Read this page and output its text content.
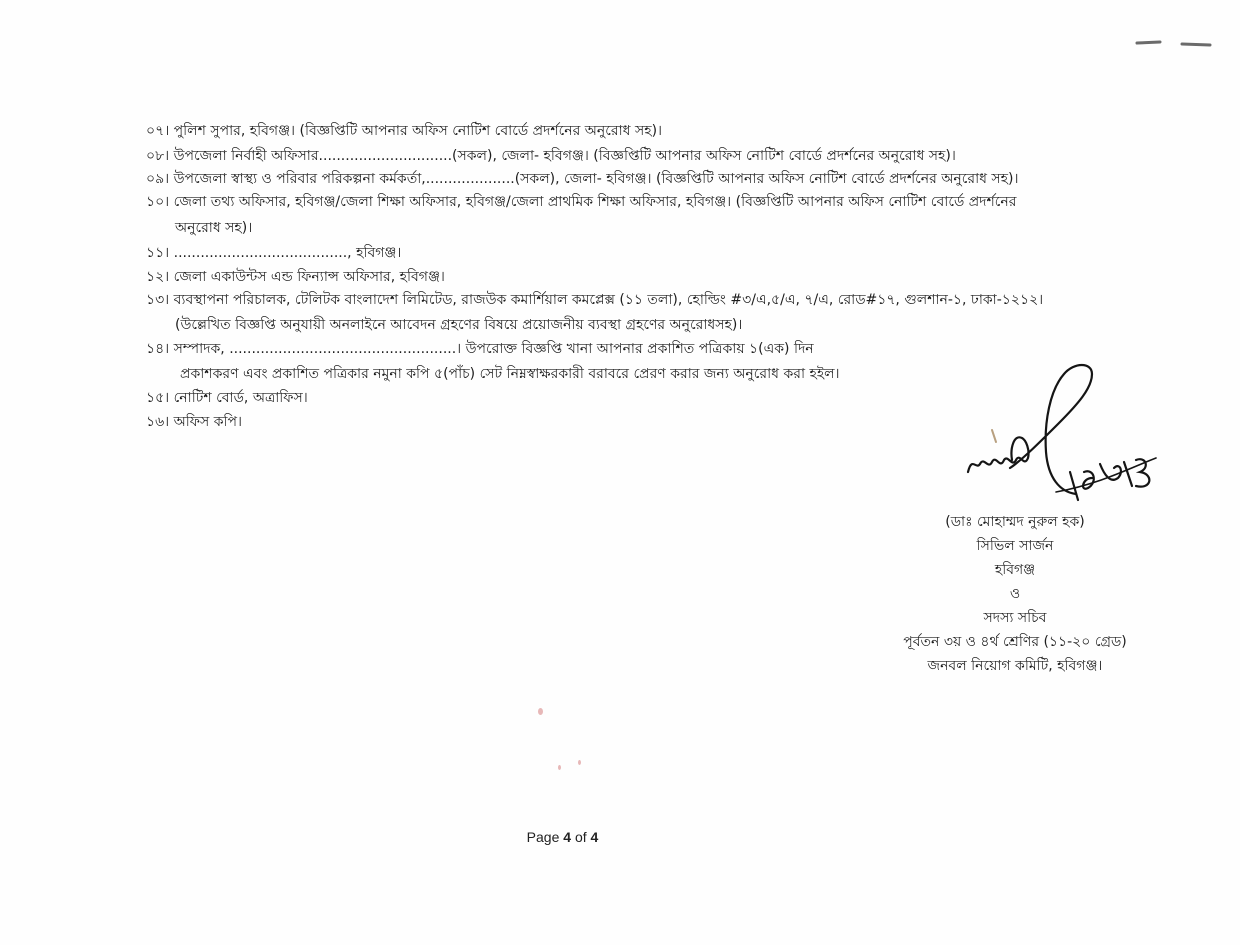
০৭। পুলিশ সুপার, হবিগঞ্জ। (বিজ্ঞপ্তিটি আপনার অফিস নোটিশ বোর্ডে প্রদর্শনের অনুরোধ সহ)।
০৮। উপজেলা নির্বাহী অফিসার..............................(সকল), জেলা- হবিগঞ্জ। (বিজ্ঞপ্তিটি আপনার অফিস নোটিশ বোর্ডে প্রদর্শনের অনুরোধ সহ)।
০৯। উপজেলা স্বাস্থ্য ও পরিবার পরিকল্পনা কর্মকর্তা,....................(সকল), জেলা- হবিগঞ্জ। (বিজ্ঞপ্তিটি আপনার অফিস নোটিশ বোর্ডে প্রদর্শনের অনুরোধ সহ)।
১০। জেলা তথ্য অফিসার, হবিগঞ্জ/জেলা শিক্ষা অফিসার, হবিগঞ্জ/জেলা প্রাথমিক শিক্ষা অফিসার, হবিগঞ্জ। (বিজ্ঞপ্তিটি আপনার অফিস নোটিশ বোর্ডে প্রদর্শনের
অনুরোধ সহ)।
১১। ......................................., হবিগঞ্জ।
১২। জেলা একাউন্টস এন্ড ফিন্যান্স অফিসার, হবিগঞ্জ।
১৩। ব্যবস্থাপনা পরিচালক, টেলিটক বাংলাদেশ লিমিটেড, রাজউক কমার্শিয়াল কমপ্লেক্স (১১ তলা), হোল্ডিং #৩/এ,৫/এ, ৭/এ, রোড#১৭, গুলশান-১, ঢাকা-১২১২।
(উল্লেখিত বিজ্ঞপ্তি অনুযায়ী অনলাইনে আবেদন গ্রহণের বিষয়ে প্রয়োজনীয় ব্যবস্থা গ্রহণের অনুরোধসহ)।
১৪। সম্পাদক, ...................................................। উপরোক্ত বিজ্ঞপ্তি খানা আপনার প্রকাশিত পত্রিকায় ১(এক) দিন
প্রকাশকরণ এবং প্রকাশিত পত্রিকার নমুনা কপি ৫(পাঁচ) সেট নিম্নস্বাক্ষরকারী বরাবরে প্রেরণ করার জন্য অনুরোধ করা হইল।
১৫। নোটিশ বোর্ড, অত্রাফিস।
১৬। অফিস কপি।
(ডাঃ মোহাম্মদ নুরুল হক)
সিভিল সার্জন
হবিগঞ্জ
ও
সদস্য সচিব
পূর্বতন ৩য় ও ৪র্থ শ্রেণির (১১-২০ গ্রেড)
জনবল নিয়োগ কমিটি, হবিগঞ্জ।
Page 4 of 4
